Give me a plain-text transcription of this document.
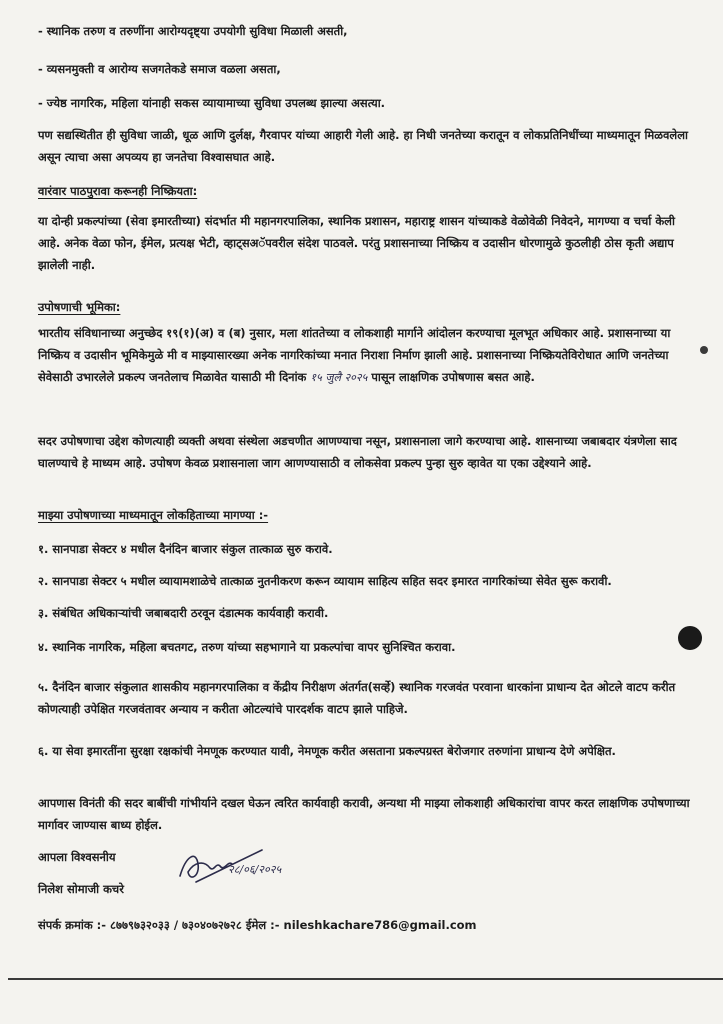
- स्थानिक तरुण व तरुणींना आरोग्यदृष्ट्या उपयोगी सुविधा मिळाली असती,
- व्यसनमुक्ती व आरोग्य सजगतेकडे समाज वळला असता,
- ज्येष्ठ नागरिक, महिला यांनाही सकस व्यायामाच्या सुविधा उपलब्ध झाल्या असत्या.
पण सद्यस्थितीत ही सुविधा जाळी, धूळ आणि दुर्लक्ष, गैरवापर यांच्या आहारी गेली आहे. हा निधी जनतेच्या करातून व लोकप्रतिनिधींच्या माध्यमातून मिळवलेला असून त्याचा असा अपव्यय हा जनतेचा विश्वासघात आहे.
वारंवार पाठपुरावा करूनही निष्क्रियता:
या दोन्ही प्रकल्पांच्या (सेवा इमारतीच्या) संदर्भात मी महानगरपालिका, स्थानिक प्रशासन, महाराष्ट्र शासन यांच्याकडे वेळोवेळी निवेदने, मागण्या व चर्चा केली आहे. अनेक वेळा फोन, ईमेल, प्रत्यक्ष भेटी, व्हाट्सअॅपवरील संदेश पाठवले. परंतु प्रशासनाच्या निष्क्रिय व उदासीन धोरणामुळे कुठलीही ठोस कृती अद्याप झालेली नाही.
उपोषणाची भूमिका:
भारतीय संविधानाच्या अनुच्छेद १९(१)(अ) व (ब) नुसार, मला शांततेच्या व लोकशाही मार्गाने आंदोलन करण्याचा मूलभूत अधिकार आहे. प्रशासनाच्या या निष्क्रिय व उदासीन भूमिकेमुळे मी व माझ्यासारख्या अनेक नागरिकांच्या मनात निराशा निर्माण झाली आहे. प्रशासनाच्या निष्क्रियतेविरोधात आणि जनतेच्या सेवेसाठी उभारलेले प्रकल्प जनतेलाच मिळावेत यासाठी मी दिनांक १५ जुलै २०२५ पासून लाक्षणिक उपोषणास बसत आहे.
सदर उपोषणाचा उद्देश कोणत्याही व्यक्ती अथवा संस्थेला अडचणीत आणण्याचा नसून, प्रशासनाला जागे करण्याचा आहे. शासनाच्या जबाबदार यंत्रणेला साद घालण्याचे हे माध्यम आहे. उपोषण केवळ प्रशासनाला जाग आणण्यासाठी व लोकसेवा प्रकल्प पुन्हा सुरु व्हावेत या एका उद्देश्याने आहे.
माझ्या उपोषणाच्या माध्यमातून लोकहिताच्या मागण्या :-
१. सानपाडा सेक्टर ४ मधील दैनंदिन बाजार संकुल तात्काळ सुरु करावे.
२. सानपाडा सेक्टर ५ मधील व्यायामशाळेचे तात्काळ नुतनीकरण करून व्यायाम साहित्य सहित सदर इमारत नागरिकांच्या सेवेत सुरू करावी.
३. संबंधित अधिकाऱ्यांची जबाबदारी ठरवून दंडात्मक कार्यवाही करावी.
४. स्थानिक नागरिक, महिला बचतगट, तरुण यांच्या सहभागाने या प्रकल्पांचा वापर सुनिश्चित करावा.
५. दैनंदिन बाजार संकुलात शासकीय महानगरपालिका व केंद्रीय निरीक्षण अंतर्गत(सर्व्हे) स्थानिक गरजवंत परवाना धारकांना प्राधान्य देत ओटले वाटप करीत कोणत्याही उपेक्षित गरजवंतावर अन्याय न करीता ओटल्यांचे पारदर्शक वाटप झाले पाहिजे.
६. या सेवा इमारतींना सुरक्षा रक्षकांची नेमणूक करण्यात यावी, नेमणूक करीत असताना प्रकल्पग्रस्त बेरोजगार तरुणांना प्राधान्य देणे अपेक्षित.
आपणास विनंती की सदर बाबींची गांभीर्याने दखल घेऊन त्वरित कार्यवाही करावी, अन्यथा मी माझ्या लोकशाही अधिकारांचा वापर करत लाक्षणिक उपोषणाच्या मार्गावर जाण्यास बाध्य होईल.
आपला विश्वसनीय
निलेश सोमाजी कचरे
२८/०६/२०२५
संपर्क क्रमांक :- ८७७९७३२०३३ / ७३०४०७२७२८ ईमेल :- nileshkachare786@gmail.com
